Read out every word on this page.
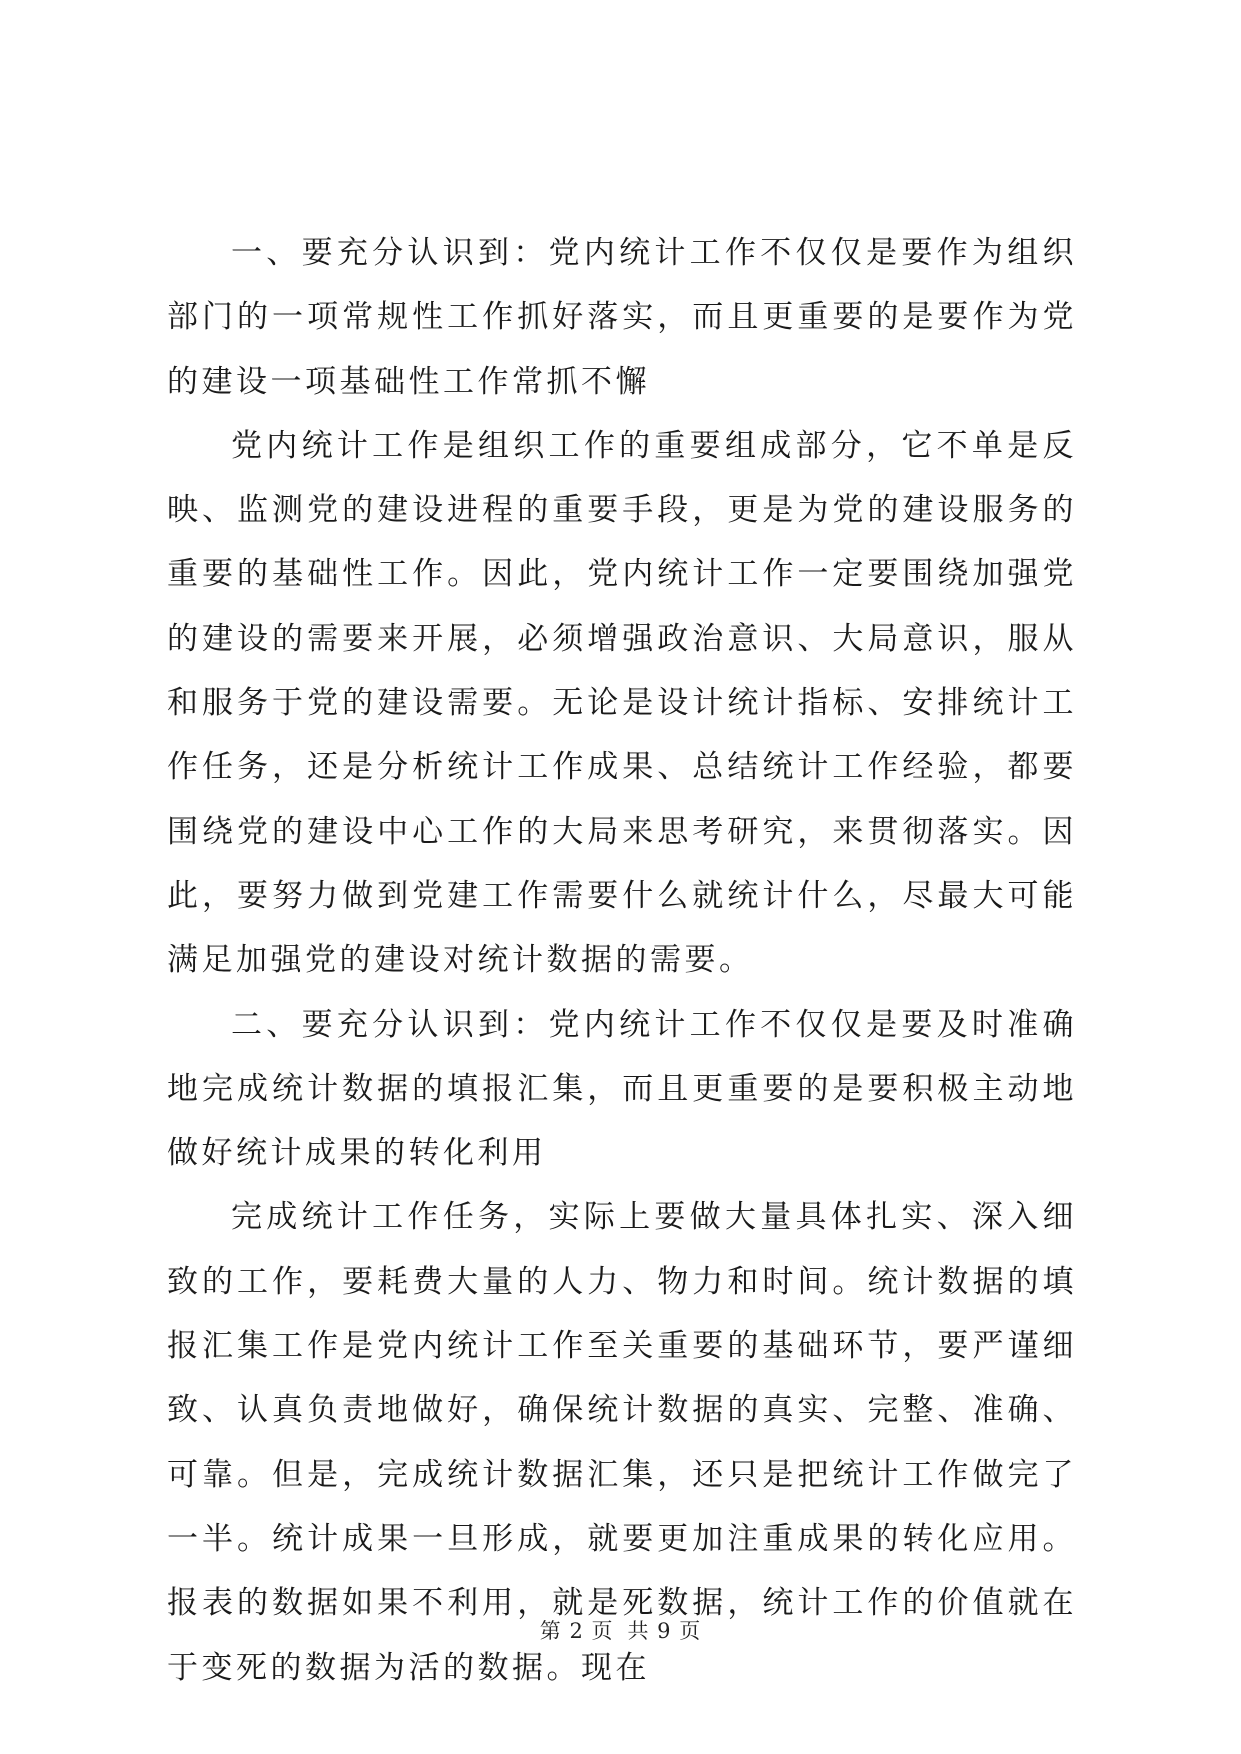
一、要充分认识到：党内统计工作不仅仅是要作为组织部门的一项常规性工作抓好落实，而且更重要的是要作为党的建设一项基础性工作常抓不懈

党内统计工作是组织工作的重要组成部分，它不单是反映、监测党的建设进程的重要手段，更是为党的建设服务的重要的基础性工作。因此，党内统计工作一定要围绕加强党的建设的需要来开展，必须增强政治意识、大局意识，服从和服务于党的建设需要。无论是设计统计指标、安排统计工作任务，还是分析统计工作成果、总结统计工作经验，都要围绕党的建设中心工作的大局来思考研究，来贯彻落实。因此，要努力做到党建工作需要什么就统计什么，尽最大可能满足加强党的建设对统计数据的需要。

二、要充分认识到：党内统计工作不仅仅是要及时准确地完成统计数据的填报汇集，而且更重要的是要积极主动地做好统计成果的转化利用

完成统计工作任务，实际上要做大量具体扎实、深入细致的工作，要耗费大量的人力、物力和时间。统计数据的填报汇集工作是党内统计工作至关重要的基础环节，要严谨细致、认真负责地做好，确保统计数据的真实、完整、准确、可靠。但是，完成统计数据汇集，还只是把统计工作做完了一半。统计成果一旦形成，就要更加注重成果的转化应用。报表的数据如果不利用，就是死数据，统计工作的价值就在于变死的数据为活的数据。现在

第 2 页 共 9 页
